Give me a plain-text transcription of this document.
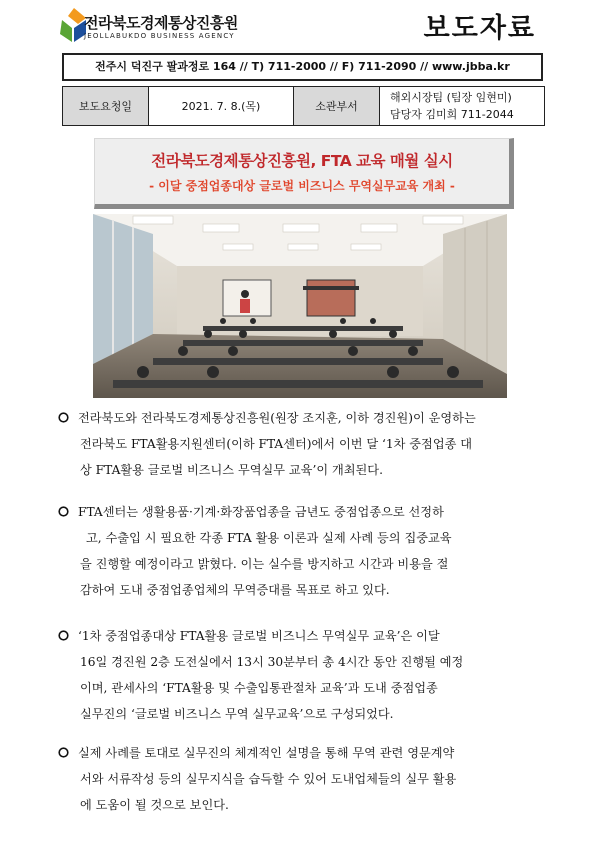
전라북도경제통상진흥원
JEOLLABUKDO BUSINESS AGENCY	보도자료
전주시 덕진구 팔과정로 164 // T) 711-2000 // F) 711-2090 // www.jbba.kr
보도요청일	2021. 7. 8.(목)	소관부서
해외시장팀 (팀장 임현미)
담당자 김미희 711-2044
전라북도경제통상진흥원, FTA 교육 매월 실시
- 이달 중점업종대상 글로벌 비즈니스 무역실무교육 개최 -
전라북도와 전라북도경제통상진흥원(원장 조지훈, 이하 경진원)이 운영하는
전라북도 FTA활용지원센터(이하 FTA센터)에서 이번 달 ‘1차 중점업종 대
상 FTA활용 글로벌 비즈니스 무역실무 교육’이 개최된다.
FTA센터는 생활용품·기계·화장품업종을 금년도 중점업종으로 선정하
고, 수출입 시 필요한 각종 FTA 활용 이론과 실제 사례 등의 집중교육
을 진행할 예정이라고 밝혔다. 이는 실수를 방지하고 시간과 비용을 절
감하여 도내 중점업종업체의 무역증대를 목표로 하고 있다.
‘1차 중점업종대상 FTA활용 글로벌 비즈니스 무역실무 교육’은 이달
16일 경진원 2층 도전실에서 13시 30분부터 총 4시간 동안 진행될 예정
이며, 관세사의 ‘FTA활용 및 수출입통관절차 교육’과 도내 중점업종
실무진의 ‘글로벌 비즈니스 무역 실무교육’으로 구성되었다.
실제 사례를 토대로 실무진의 체계적인 설명을 통해 무역 관련 영문계약
서와 서류작성 등의 실무지식을 습득할 수 있어 도내업체들의 실무 활용
에 도움이 될 것으로 보인다.
